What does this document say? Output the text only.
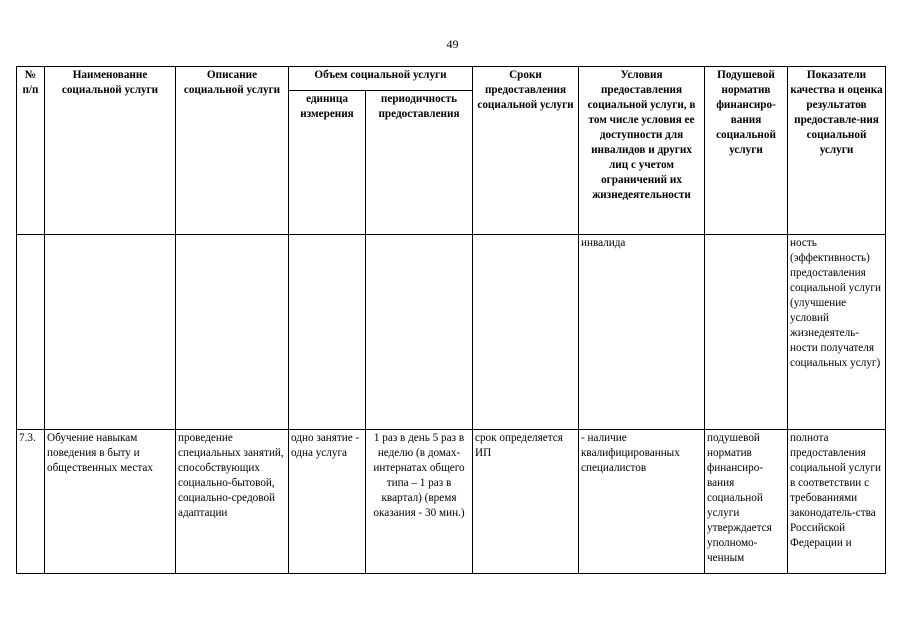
49
№ п/п	Наименование социальной услуги	Описание социальной услуги	Объем социальной услуги		Сроки предоставления социальной услуги	Условия предоставления социальной услуги, в том числе условия ее доступности для инвалидов и других лиц с учетом ограничений их жизнедеятельности	Подушевой норматив финансиро-вания социальной услуги	Показатели качества и оценка результатов предоставле-ния социальной услуги
			единица измерения	периодичность предоставления				
						инвалида		ность (эффективность) предоставления социальной услуги (улучшение условий жизнедеятель-ности получателя социальных услуг)
7.3.	Обучение навыкам поведения в быту и общественных местах	проведение специальных занятий, способствующих социально-бытовой, социально-средовой адаптации	одно занятие - одна услуга	1 раз в день 5 раз в неделю (в домах-интернатах общего типа – 1 раз в квартал) (время оказания - 30 мин.)	срок определяется ИП	- наличие квалифицированных специалистов	подушевой норматив финансиро-вания социальной услуги утверждается уполномо-ченным	полнота предоставления социальной услуги в соответствии с требованиями законодатель-ства Российской Федерации и
